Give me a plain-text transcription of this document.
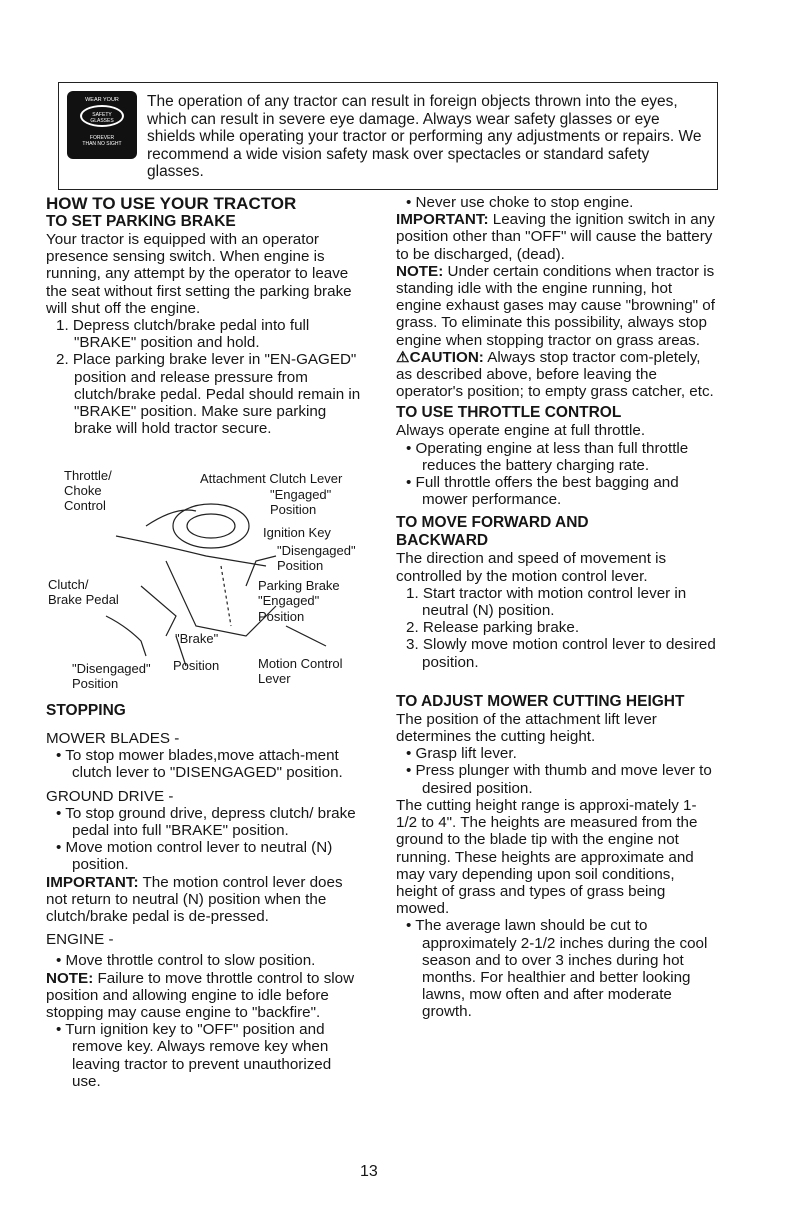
WEAR YOUR
SAFETY GLASSES
FOREVER
THAN NO SIGHT
The operation of any tractor can result in foreign objects thrown into the eyes, which can result in severe eye damage. Always wear safety glasses or eye shields while operating your tractor or performing any adjustments or repairs. We recommend a wide vision safety mask over spectacles or standard safety glasses.

HOW TO USE YOUR TRACTOR

TO SET PARKING BRAKE

Your tractor is equipped with an operator presence sensing switch. When engine is running, any attempt by the operator to leave the seat without first setting the parking brake will shut off the engine.

1. Depress clutch/brake pedal into full "BRAKE" position and hold.

2. Place parking brake lever in "EN-GAGED" position and release pressure from clutch/brake pedal. Pedal should remain in "BRAKE" position. Make sure parking brake will hold tractor secure.

Throttle/
Choke
Control
Attachment Clutch Lever
"Engaged"
Position
Ignition Key
"Disengaged"
Position
Clutch/
Brake Pedal
Parking Brake
"Engaged"
Position
"Brake"
Position
"Disengaged"
Position
Motion Control
Lever

STOPPING

MOWER BLADES -

• To stop mower blades,move attach-ment clutch lever to "DISENGAGED" position.

GROUND DRIVE -

• To stop ground drive, depress clutch/ brake pedal into full "BRAKE" position.

• Move motion control lever to neutral (N) position.

IMPORTANT: The motion control lever does not return to neutral (N) position when the clutch/brake pedal is de-pressed.

ENGINE -

• Move throttle control to slow position.

NOTE: Failure to move throttle control to slow position and allowing engine to idle before stopping may cause engine to "backfire".

• Turn ignition key to "OFF" position and remove key. Always remove key when leaving tractor to prevent unauthorized use.

• Never use choke to stop engine.

IMPORTANT: Leaving the ignition switch in any position other than "OFF" will cause the battery to be discharged, (dead).

NOTE: Under certain conditions when tractor is standing idle with the engine running, hot engine exhaust gases may cause "browning" of grass. To eliminate this possibility, always stop engine when stopping tractor on grass areas.

⚠CAUTION: Always stop tractor com-pletely, as described above, before leaving the operator's position; to empty grass catcher, etc.

TO USE THROTTLE CONTROL

Always operate engine at full throttle.

• Operating engine at less than full throttle reduces the battery charging rate.

• Full throttle offers the best bagging and mower performance.

TO MOVE FORWARD AND

BACKWARD

The direction and speed of movement is controlled by the motion control lever.

1. Start tractor with motion control lever in neutral (N) position.

2. Release parking brake.

3. Slowly move motion control lever to desired position.

TO ADJUST MOWER CUTTING HEIGHT

The position of the attachment lift lever determines the cutting height.

• Grasp lift lever.

• Press plunger with thumb and move lever to desired position.

The cutting height range is approxi-mately 1-1/2 to 4". The heights are measured from the ground to the blade tip with the engine not running. These heights are approximate and may vary depending upon soil conditions, height of grass and types of grass being mowed.

• The average lawn should be cut to approximately 2-1/2 inches during the cool season and to over 3 inches during hot months. For healthier and better looking lawns, mow often and after moderate growth.

13
